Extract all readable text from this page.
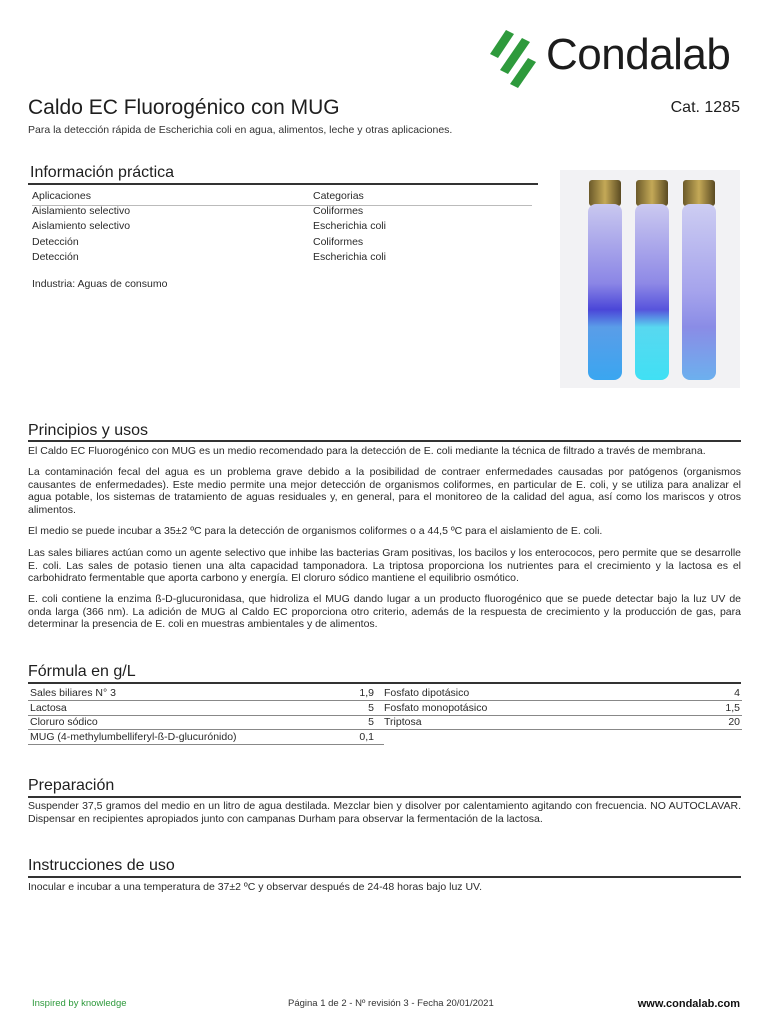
Condalab
Caldo EC Fluorogénico con MUG	Cat. 1285
Para la detección rápida de Escherichia coli en agua, alimentos, leche y otras aplicaciones.
Información práctica
Aplicaciones	Categorias
Aislamiento selectivo	Coliformes
Aislamiento selectivo	Escherichia coli
Detección	Coliformes
Detección	Escherichia coli
Industria: Aguas de consumo
Principios y usos
El Caldo EC Fluorogénico con MUG es un medio recomendado para la detección de E. coli mediante la técnica de filtrado a través de membrana.
La contaminación fecal del agua es un problema grave debido a la posibilidad de contraer enfermedades causadas por patógenos (organismos causantes de enfermedades). Este medio permite una mejor detección de organismos coliformes, en particular de E. coli, y se utiliza para analizar el agua potable, los sistemas de tratamiento de aguas residuales y, en general, para el monitoreo de la calidad del agua, así como los mariscos y otros alimentos.
El medio se puede incubar a 35±2 ºC para la detección de organismos coliformes o a 44,5 ºC para el aislamiento de E. coli.
Las sales biliares actúan como un agente selectivo que inhibe las bacterias Gram positivas, los bacilos y los enterococos, pero permite que se desarrolle E. coli. Las sales de potasio tienen una alta capacidad tamponadora. La triptosa proporciona los nutrientes para el crecimiento y la lactosa es el carbohidrato fermentable que aporta carbono y energía. El cloruro sódico mantiene el equilibrio osmótico.
E. coli contiene la enzima ß-D-glucuronidasa, que hidroliza el MUG dando lugar a un producto fluorogénico que se puede detectar bajo la luz UV de onda larga (366 nm). La adición de MUG al Caldo EC proporciona otro criterio, además de la respuesta de crecimiento y la producción de gas, para determinar la presencia de E. coli en muestras ambientales y de alimentos.
Fórmula en g/L
Sales biliares N° 3	1,9
Lactosa	5
Cloruro sódico	5
MUG (4-methylumbelliferyl-ß-D-glucurónido)	0,1
Fosfato dipotásico	4
Fosfato monopotásico	1,5
Triptosa	20
Preparación
Suspender 37,5 gramos del medio en un litro de agua destilada. Mezclar bien y disolver por calentamiento agitando con frecuencia. NO AUTOCLAVAR. Dispensar en recipientes apropiados junto con campanas Durham para observar la fermentación de la lactosa.
Instrucciones de uso
Inocular e incubar a una temperatura de 37±2 ºC y observar después de 24-48 horas bajo luz UV.
Inspired by knowledge	Página 1 de 2 - Nº revisión 3 - Fecha 20/01/2021	www.condalab.com
